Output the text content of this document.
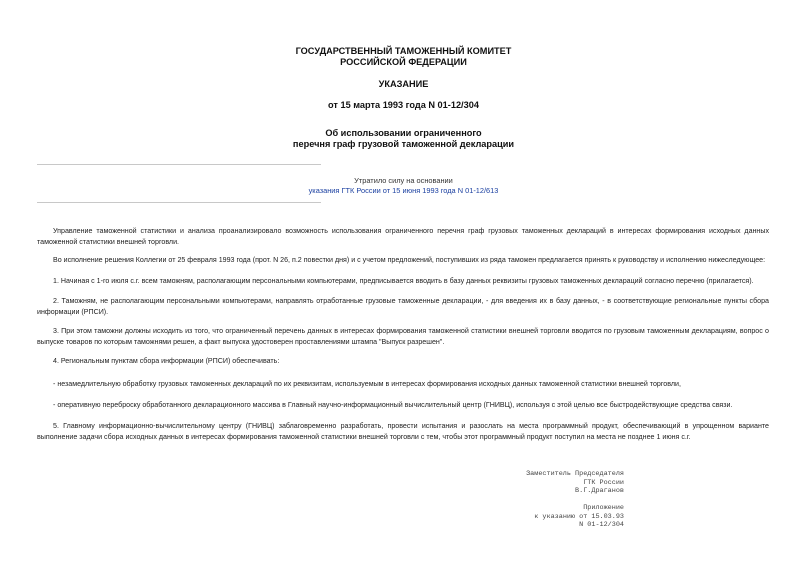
ГОСУДАРСТВЕННЫЙ ТАМОЖЕННЫЙ КОМИТЕТ
РОССИЙСКОЙ ФЕДЕРАЦИИ
УКАЗАНИЕ
от 15 марта 1993 года N 01-12/304
Об использовании ограниченного
перечня граф грузовой таможенной декларации
Утратило силу на основании
указания ГТК России от 15 июня 1993 года N 01-12/613

Управление таможенной статистики и анализа проанализировало возможность использования ограниченного перечня граф грузовых таможенных деклараций в интересах формирования исходных данных таможенной статистики внешней торговли.

Во исполнение решения Коллегии от 25 февраля 1993 года (прот. N 26, п.2 повестки дня) и с учетом предложений, поступивших из ряда таможен предлагается принять к руководству и исполнению нижеследующее:

1. Начиная с 1-го июля с.г. всем таможням, располагающим персональными компьютерами, предписывается вводить в базу данных реквизиты грузовых таможенных деклараций согласно перечню (прилагается).

2. Таможням, не располагающим персональными компьютерами, направлять отработанные грузовые таможенные декларации, - для введения их в базу данных, - в соответствующие региональные пункты сбора информации (РПСИ).

3. При этом таможни должны исходить из того, что ограниченный перечень данных в интересах формирования таможенной статистики внешней торговли вводится по грузовым таможенным декларациям, вопрос о выпуске товаров по которым таможнями решен, а факт выпуска удостоверен проставлениями штампа "Выпуск разрешен".

4. Региональным пунктам сбора информации (РПСИ) обеспечивать:

- незамедлительную обработку грузовых таможенных деклараций по их реквизитам, используемым в интересах формирования исходных данных таможенной статистики внешней торговли,

- оперативную переброску обработанного декларационного массива в Главный научно-информационный вычислительный центр (ГНИВЦ), используя с этой целью все быстродействующие средства связи.

5. Главному информационно-вычислительному центру (ГНИВЦ) заблаговременно разработать, провести испытания и разослать на места программный продукт, обеспечивающий в упрощенном варианте выполнение задачи сбора исходных данных в интересах формирования таможенной статистики внешней торговли с тем, чтобы этот программный продукт поступил на места не позднее 1 июня с.г.

Заместитель Председателя
ГТК России
В.Г.Драганов
Приложение
к указанию от 15.03.93
N 01-12/304
